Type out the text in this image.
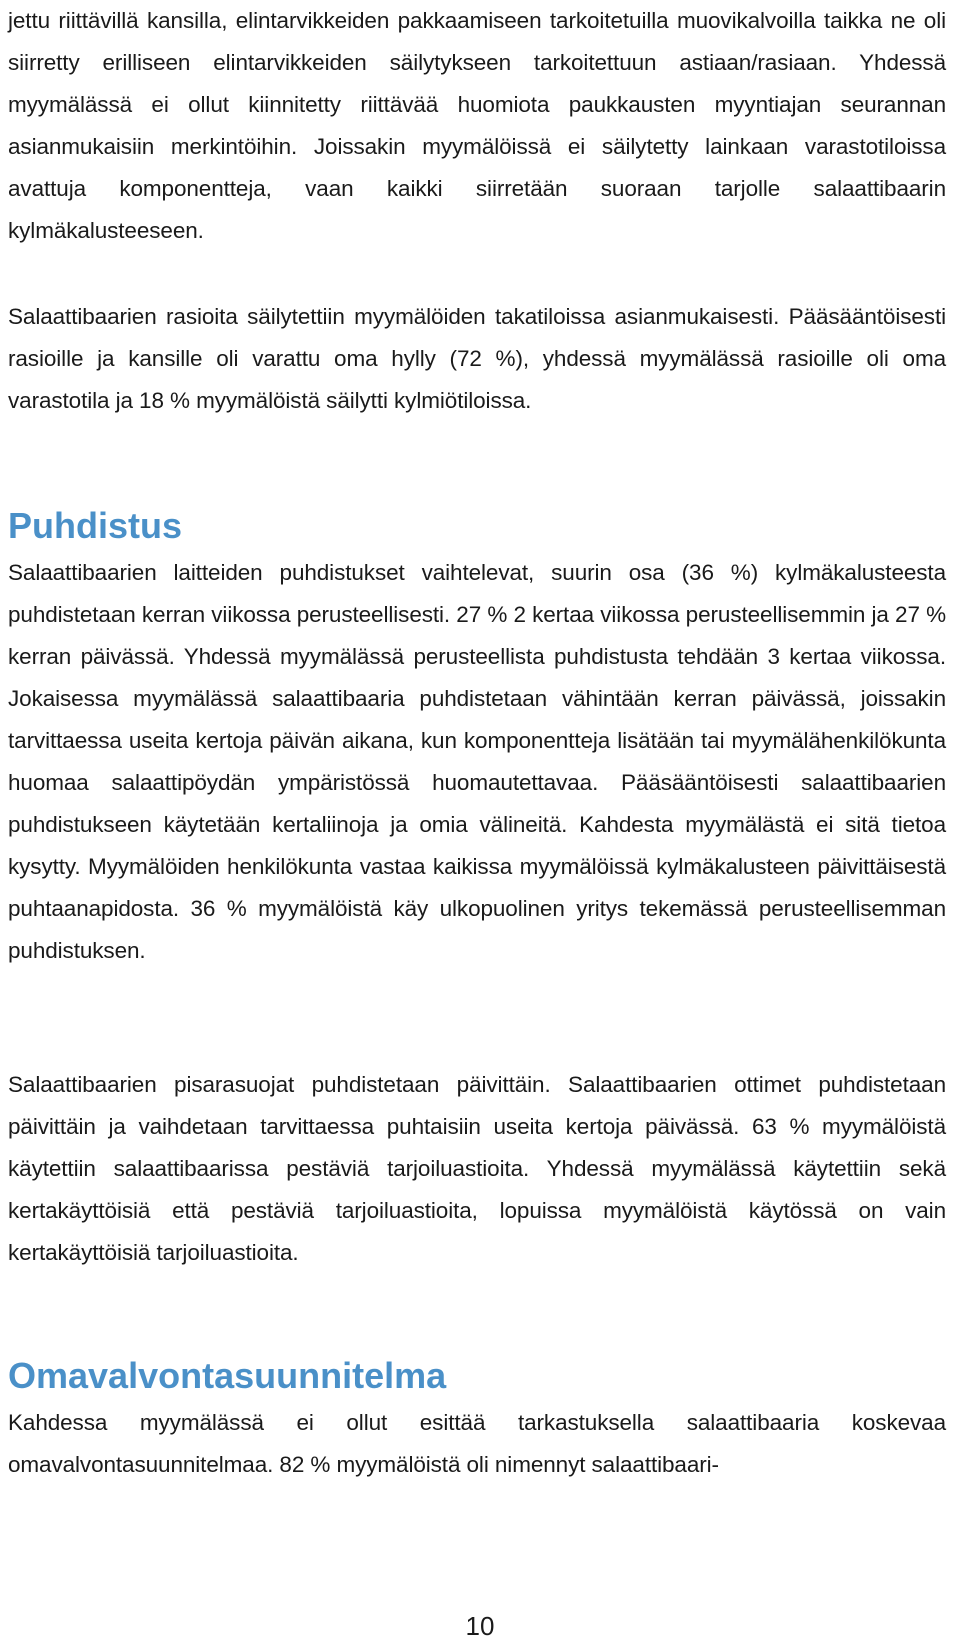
jettu riittävillä kansilla, elintarvikkeiden pakkaamiseen tarkoitetuilla muovikalvoilla taikka ne oli siirretty erilliseen elintarvikkeiden säilytykseen tarkoitettuun astiaan/rasiaan. Yhdessä myymälässä ei ollut kiinnitetty riittävää huomiota paukkausten myyntiajan seurannan asianmukaisiin merkintöihin. Joissakin myymälöissä ei säilytetty lainkaan varastotiloissa avattuja komponentteja, vaan kaikki siirretään suoraan tarjolle salaattibaarin kylmäkalusteeseen.

Salaattibaarien rasioita säilytettiin myymälöiden takatiloissa asianmukaisesti. Pääsääntöisesti rasioille ja kansille oli varattu oma hylly (72 %), yhdessä myymälässä rasioille oli oma varastotila ja 18 % myymälöistä säilytti kylmiötiloissa.

Puhdistus

Salaattibaarien laitteiden puhdistukset vaihtelevat, suurin osa (36 %) kylmäkalusteesta puhdistetaan kerran viikossa perusteellisesti. 27 % 2 kertaa viikossa perusteellisemmin ja 27 % kerran päivässä. Yhdessä myymälässä perusteellista puhdistusta tehdään 3 kertaa viikossa. Jokaisessa myymälässä salaattibaaria puhdistetaan vähintään kerran päivässä, joissakin tarvittaessa useita kertoja päivän aikana, kun komponentteja lisätään tai myymälähenkilökunta huomaa salaattipöydän ympäristössä huomautettavaa. Pääsääntöisesti salaattibaarien puhdistukseen käytetään kertaliinoja ja omia välineitä. Kahdesta myymälästä ei sitä tietoa kysytty. Myymälöiden henkilökunta vastaa kaikissa myymälöissä kylmäkalusteen päivittäisestä puhtaanapidosta. 36 % myymälöistä käy ulkopuolinen yritys tekemässä perusteellisemman puhdistuksen.

Salaattibaarien pisarasuojat puhdistetaan päivittäin. Salaattibaarien ottimet puhdistetaan päivittäin ja vaihdetaan tarvittaessa puhtaisiin useita kertoja päivässä. 63 % myymälöistä käytettiin salaattibaarissa pestäviä tarjoiluastioita. Yhdessä myymälässä käytettiin sekä kertakäyttöisiä että pestäviä tarjoiluastioita, lopuissa myymälöistä käytössä on vain kertakäyttöisiä tarjoiluastioita.

Omavalvontasuunnitelma

Kahdessa myymälässä ei ollut esittää tarkastuksella salaattibaaria koskevaa omavalvontasuunnitelmaa. 82 % myymälöistä oli nimennyt salaattibaari-

10
